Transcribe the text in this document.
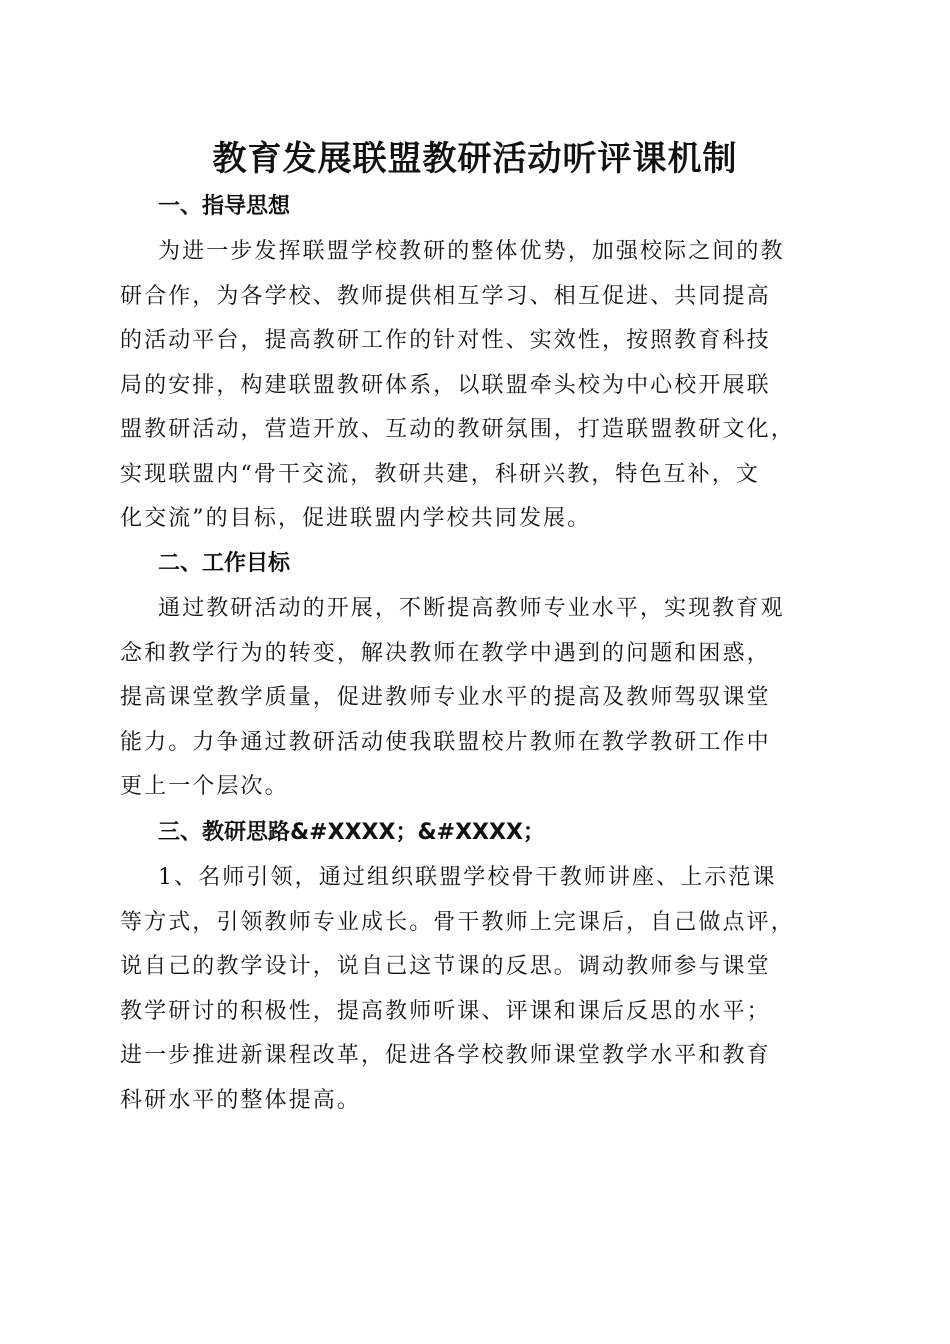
教育发展联盟教研活动听评课机制
一、指导思想
为进一步发挥联盟学校教研的整体优势，加强校际之间的教
研合作，为各学校、教师提供相互学习、相互促进、共同提高
的活动平台，提高教研工作的针对性、实效性，按照教育科技
局的安排，构建联盟教研体系，以联盟牵头校为中心校开展联
盟教研活动，营造开放、互动的教研氛围，打造联盟教研文化，
实现联盟内“骨干交流，教研共建，科研兴教，特色互补，文
化交流”的目标，促进联盟内学校共同发展。
二、工作目标
通过教研活动的开展，不断提高教师专业水平，实现教育观
念和教学行为的转变，解决教师在教学中遇到的问题和困惑，
提高课堂教学质量，促进教师专业水平的提高及教师驾驭课堂
能力。力争通过教研活动使我联盟校片教师在教学教研工作中
更上一个层次。
三、教研思路&#XXXX；&#XXXX；
1、名师引领，通过组织联盟学校骨干教师讲座、上示范课
等方式，引领教师专业成长。骨干教师上完课后，自己做点评，
说自己的教学设计，说自己这节课的反思。调动教师参与课堂
教学研讨的积极性，提高教师听课、评课和课后反思的水平；
进一步推进新课程改革，促进各学校教师课堂教学水平和教育
科研水平的整体提高。
